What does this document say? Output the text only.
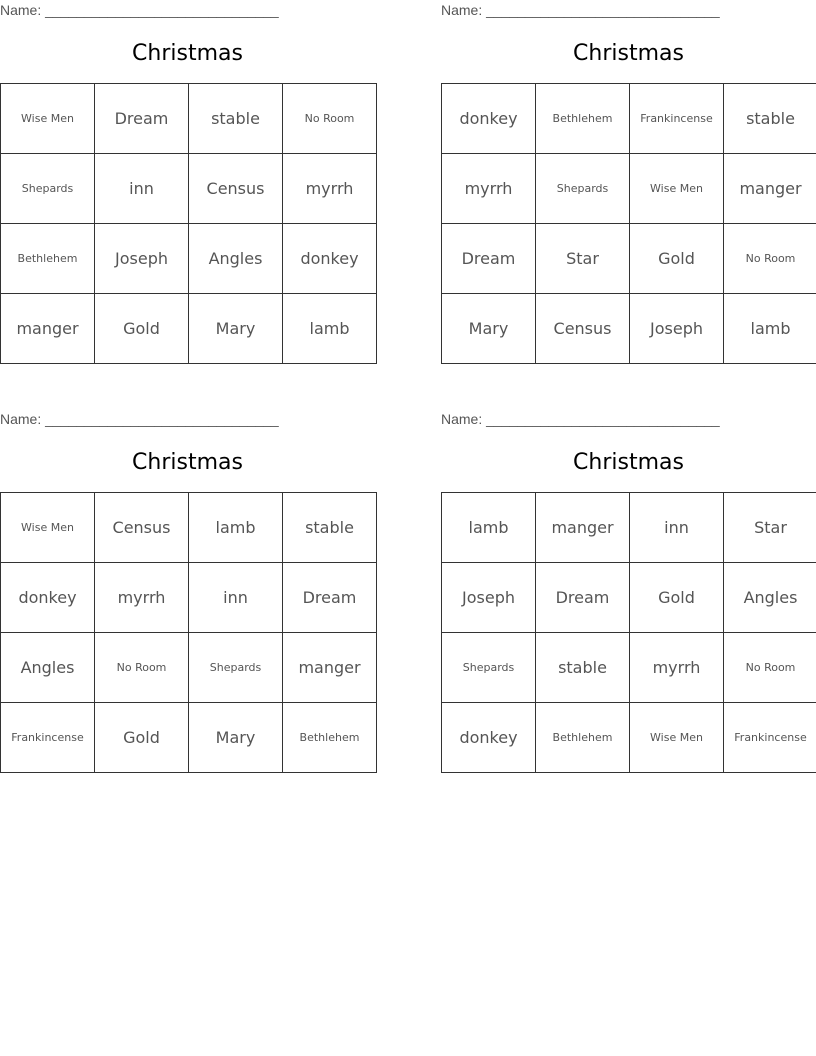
Name: ______________________________
Christmas
Wise Men	Dream	stable	No Room
Shepards	inn	Census	myrrh
Bethlehem	Joseph	Angles	donkey
manger	Gold	Mary	lamb
Name: ______________________________
Christmas
donkey	Bethlehem	Frankincense	stable
myrrh	Shepards	Wise Men	manger
Dream	Star	Gold	No Room
Mary	Census	Joseph	lamb
Name: ______________________________
Christmas
Wise Men	Census	lamb	stable
donkey	myrrh	inn	Dream
Angles	No Room	Shepards	manger
Frankincense	Gold	Mary	Bethlehem
Name: ______________________________
Christmas
lamb	manger	inn	Star
Joseph	Dream	Gold	Angles
Shepards	stable	myrrh	No Room
donkey	Bethlehem	Wise Men	Frankincense
